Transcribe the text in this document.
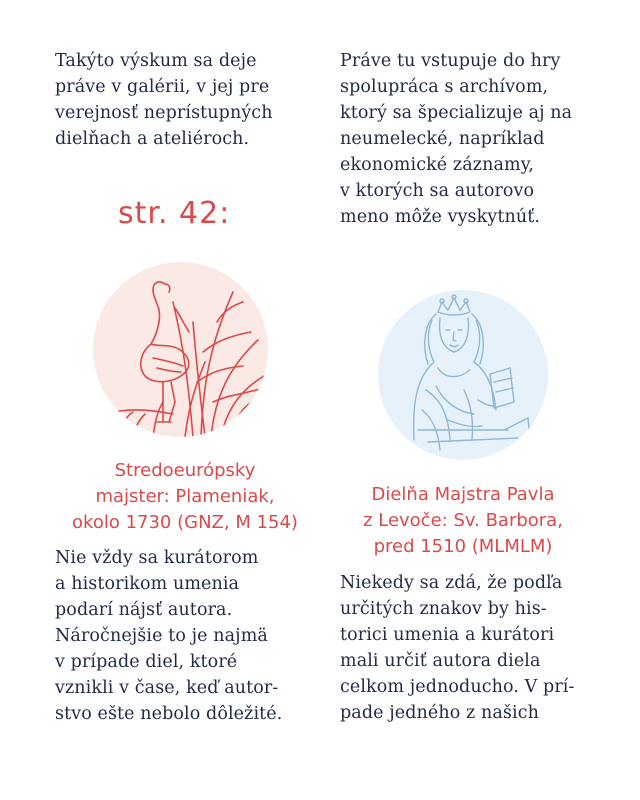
Takýto výskum sa deje
práve v galérii, v jej pre
verejnosť neprístupných
dielňach a ateliéroch.
Práve tu vstupuje do hry
spolupráca s archívom,
ktorý sa špecializuje aj na
neumelecké, napríklad
ekonomické záznamy,
v ktorých sa autorovo
meno môže vyskytnúť.
str. 42:
Stredoeurópsky
majster: Plameniak,
okolo 1730 (GNZ, M 154)
Dielňa Majstra Pavla
z Levoče: Sv. Barbora,
pred 1510 (MLMLM)
Nie vždy sa kurátorom
a historikom umenia
podarí nájsť autora.
Náročnejšie to je najmä
v prípade diel, ktoré
vznikli v čase, keď autor-
stvo ešte nebolo dôležité.
Niekedy sa zdá, že podľa
určitých znakov by his-
torici umenia a kurátori
mali určiť autora diela
celkom jednoducho. V prí-
pade jedného z našich
